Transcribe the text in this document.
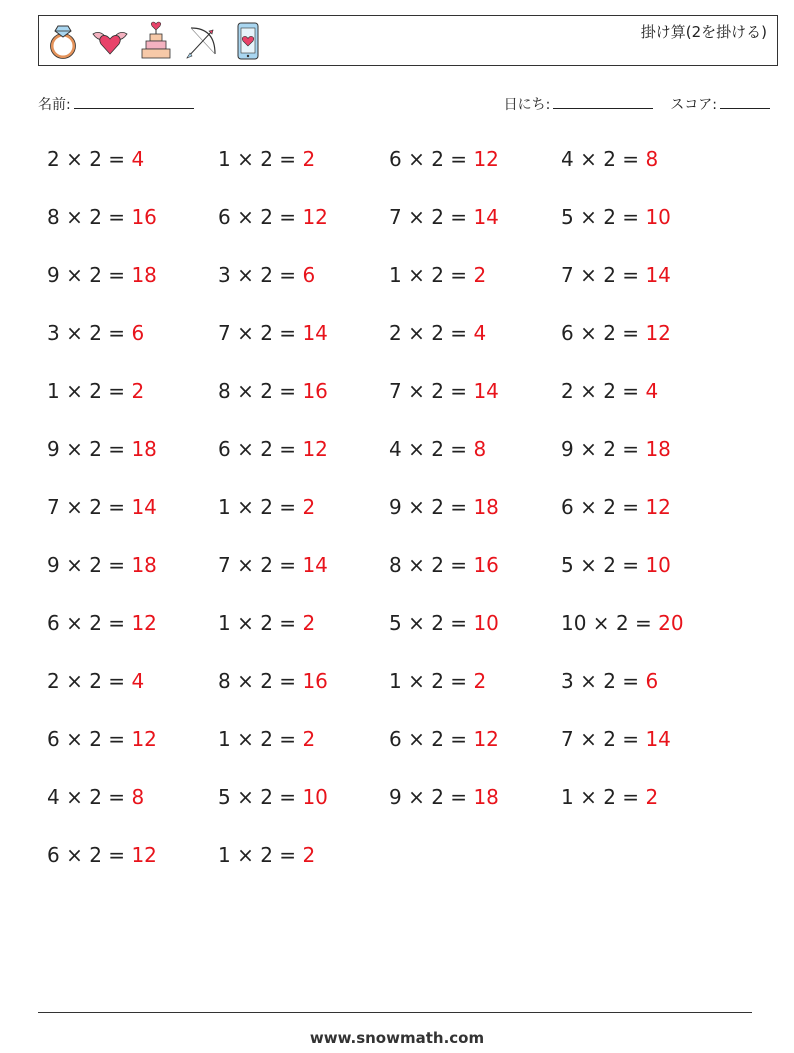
掛け算(2を掛ける)
名前:	日にち:	スコア:
2 × 2 = 4	1 × 2 = 2	6 × 2 = 12	4 × 2 = 8
8 × 2 = 16	6 × 2 = 12	7 × 2 = 14	5 × 2 = 10
9 × 2 = 18	3 × 2 = 6	1 × 2 = 2	7 × 2 = 14
3 × 2 = 6	7 × 2 = 14	2 × 2 = 4	6 × 2 = 12
1 × 2 = 2	8 × 2 = 16	7 × 2 = 14	2 × 2 = 4
9 × 2 = 18	6 × 2 = 12	4 × 2 = 8	9 × 2 = 18
7 × 2 = 14	1 × 2 = 2	9 × 2 = 18	6 × 2 = 12
9 × 2 = 18	7 × 2 = 14	8 × 2 = 16	5 × 2 = 10
6 × 2 = 12	1 × 2 = 2	5 × 2 = 10	10 × 2 = 20
2 × 2 = 4	8 × 2 = 16	1 × 2 = 2	3 × 2 = 6
6 × 2 = 12	1 × 2 = 2	6 × 2 = 12	7 × 2 = 14
4 × 2 = 8	5 × 2 = 10	9 × 2 = 18	1 × 2 = 2
6 × 2 = 12	1 × 2 = 2
www.snowmath.com
